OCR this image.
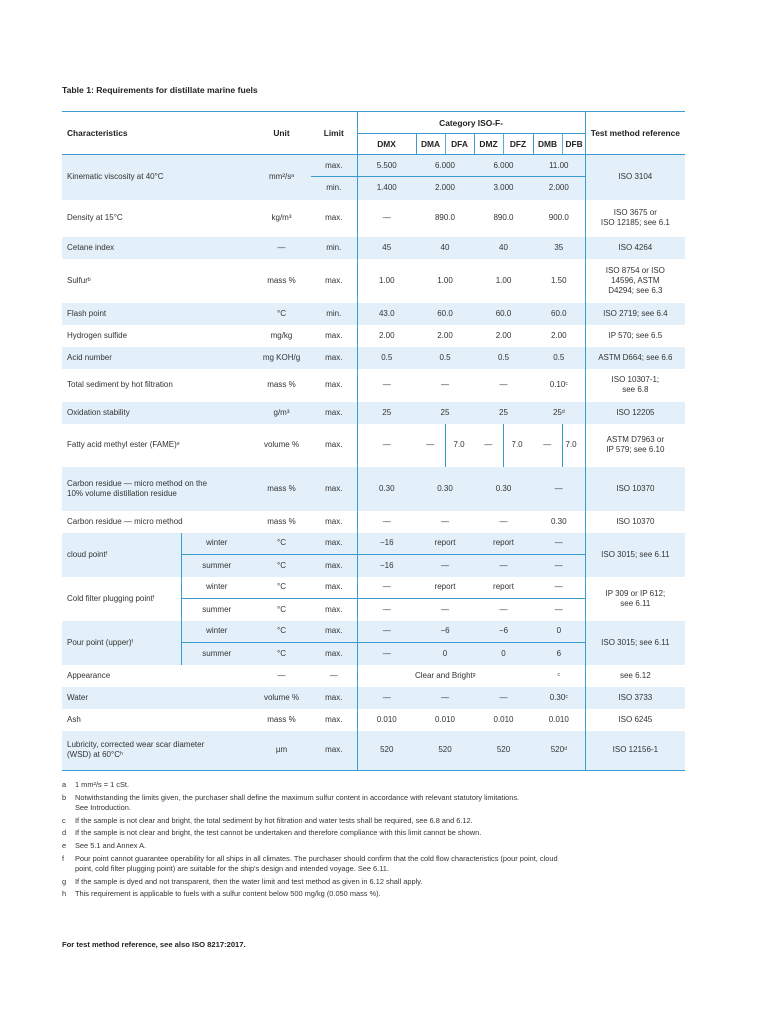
Table 1: Requirements for distillate marine fuels
Characteristics		Unit	Limit	Category ISO-F-							Test method reference
				DMX	DMA	DFA	DMZ	DFZ	DMB	DFB	
Kinematic viscosity at 40°C		mm²/$s^a$	max.	5.500	6.000		6.000		11.00		ISO 3104
			min.	1.400	2.000		3.000		2.000		
Density at 15°C		kg/m³	max.	—	890.0		890.0		900.0		ISO 3675 or
ISO 12185; see 6.1
Cetane index		—	min.	45	40		40		35		ISO 4264
Sulfur$^b$		mass %	max.	1.00	1.00		1.00		1.50		ISO 8754 or ISO
14596, ASTM
D4294; see 6.3
Flash point		°C	min.	43.0	60.0		60.0		60.0		ISO 2719; see 6.4
Hydrogen sulfide		mg/kg	max.	2.00	2.00		2.00		2.00		IP 570; see 6.5
Acid number		mg KOH/g	max.	0.5	0.5		0.5		0.5		ASTM D664; see 6.6
Total sediment by hot filtration		mass %	max.	—	—		—		0.10$^c$		ISO 10307-1;
see 6.8
Oxidation stability		g/m³	max.	25	25		25		25$^d$		ISO 12205
Fatty acid methyl ester (FAME)$^e$		volume %	max.	—	—	7.0	—	7.0	—	7.0	ASTM D7963 or
IP 579; see 6.10
Carbon residue — micro method on the
10% volume distillation residue		mass %	max.	0.30	0.30		0.30		—		ISO 10370
Carbon residue — micro method		mass %	max.	—	—		—		0.30		ISO 10370
cloud point$^f$	winter	°C	max.	−16	report		report		—		ISO 3015; see 6.11
	summer	°C	max.	−16	—		—		—		
Cold filter plugging point$^f$	winter	°C	max.	—	report		report		—		IP 309 or IP 612;
see 6.11
	summer	°C	max.	—	—		—		—		
Pour point (upper)$^f$	winter	°C	max.	—	−6		−6		0		ISO 3015; see 6.11
	summer	°C	max.	—	0		0		6		
Appearance		—	—	Clear and Bright$^g$					$^c$		see 6.12
Water		volume %	max.	—	—		—		0.30$^c$		ISO 3733
Ash		mass %	max.	0.010	0.010		0.010		0.010		ISO 6245
Lubricity, corrected wear scar diameter
(WSD) at $60^\circ C^h$		µm	max.	520	520		520		520$^d$		ISO 12156-1
a	1 mm²/s = 1 cSt.
b	Notwithstanding the limits given, the purchaser shall define the maximum sulfur content in accordance with relevant statutory limitations.
See Introduction.
c	If the sample is not clear and bright, the total sediment by hot filtration and water tests shall be required, see 6.8 and 6.12.
d	If the sample is not clear and bright, the test cannot be undertaken and therefore compliance with this limit cannot be shown.
e	See 5.1 and Annex A.
f	Pour point cannot guarantee operability for all ships in all climates. The purchaser should confirm that the cold flow characteristics (pour point, cloud
point, cold filter plugging point) are suitable for the ship's design and intended voyage. See 6.11.
g	If the sample is dyed and not transparent, then the water limit and test method as given in 6.12 shall apply.
h	This requirement is applicable to fuels with a sulfur content below 500 mg/kg (0.050 mass %).
For test method reference, see also ISO 8217:2017.
